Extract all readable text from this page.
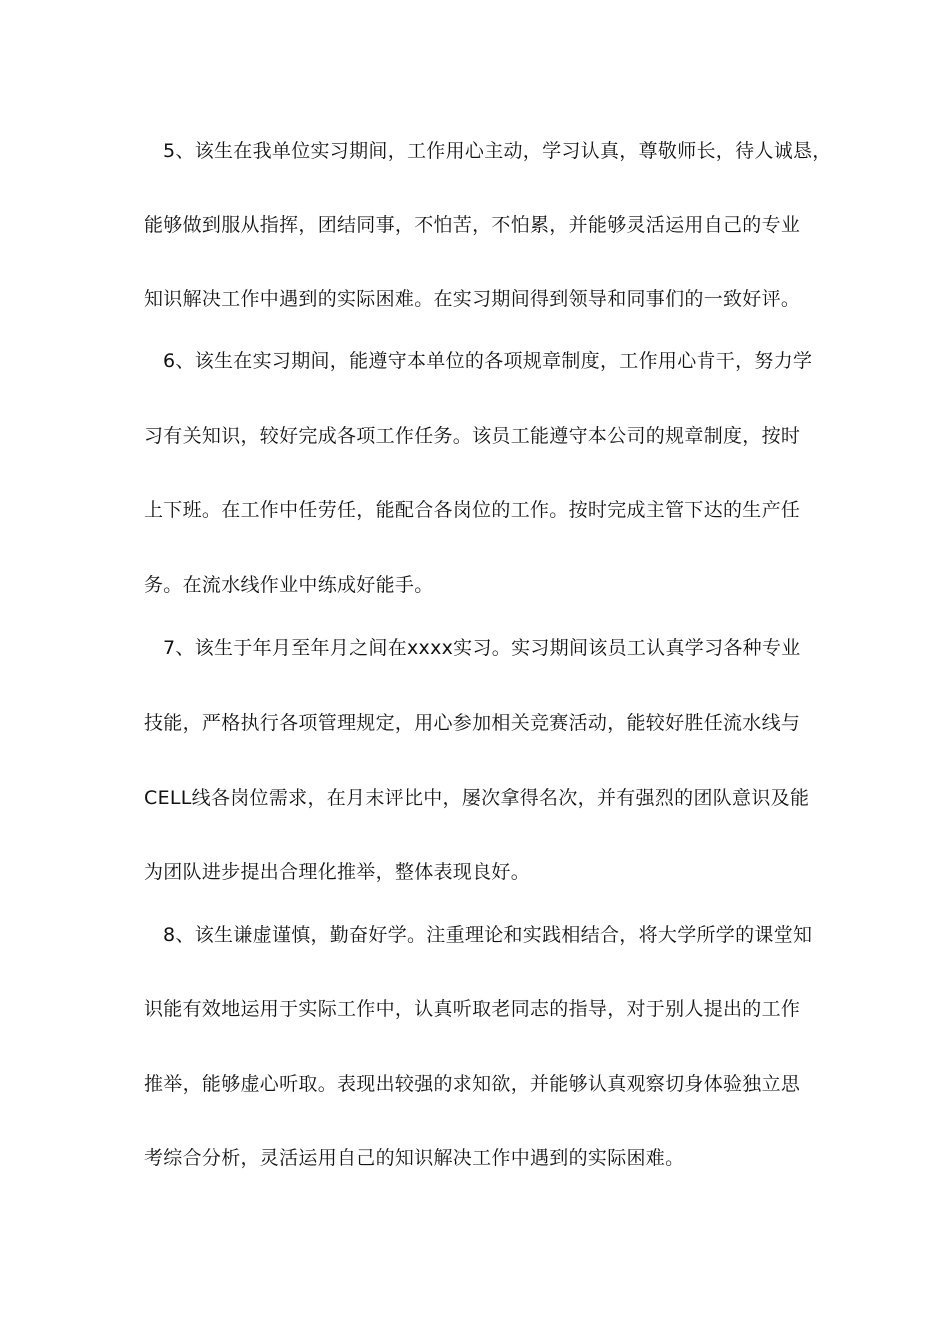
5、该生在我单位实习期间，工作用心主动，学习认真，尊敬师长，待人诚恳，
能够做到服从指挥，团结同事，不怕苦，不怕累，并能够灵活运用自己的专业
知识解决工作中遇到的实际困难。在实习期间得到领导和同事们的一致好评。
6、该生在实习期间，能遵守本单位的各项规章制度，工作用心肯干，努力学
习有关知识，较好完成各项工作任务。该员工能遵守本公司的规章制度，按时
上下班。在工作中任劳任，能配合各岗位的工作。按时完成主管下达的生产任
务。在流水线作业中练成好能手。
7、该生于年月至年月之间在xxxx实习。实习期间该员工认真学习各种专业
技能，严格执行各项管理规定，用心参加相关竞赛活动，能较好胜任流水线与
CELL线各岗位需求，在月末评比中，屡次拿得名次，并有强烈的团队意识及能
为团队进步提出合理化推举，整体表现良好。
8、该生谦虚谨慎，勤奋好学。注重理论和实践相结合，将大学所学的课堂知
识能有效地运用于实际工作中，认真听取老同志的指导，对于别人提出的工作
推举，能够虚心听取。表现出较强的求知欲，并能够认真观察切身体验独立思
考综合分析，灵活运用自己的知识解决工作中遇到的实际困难。
